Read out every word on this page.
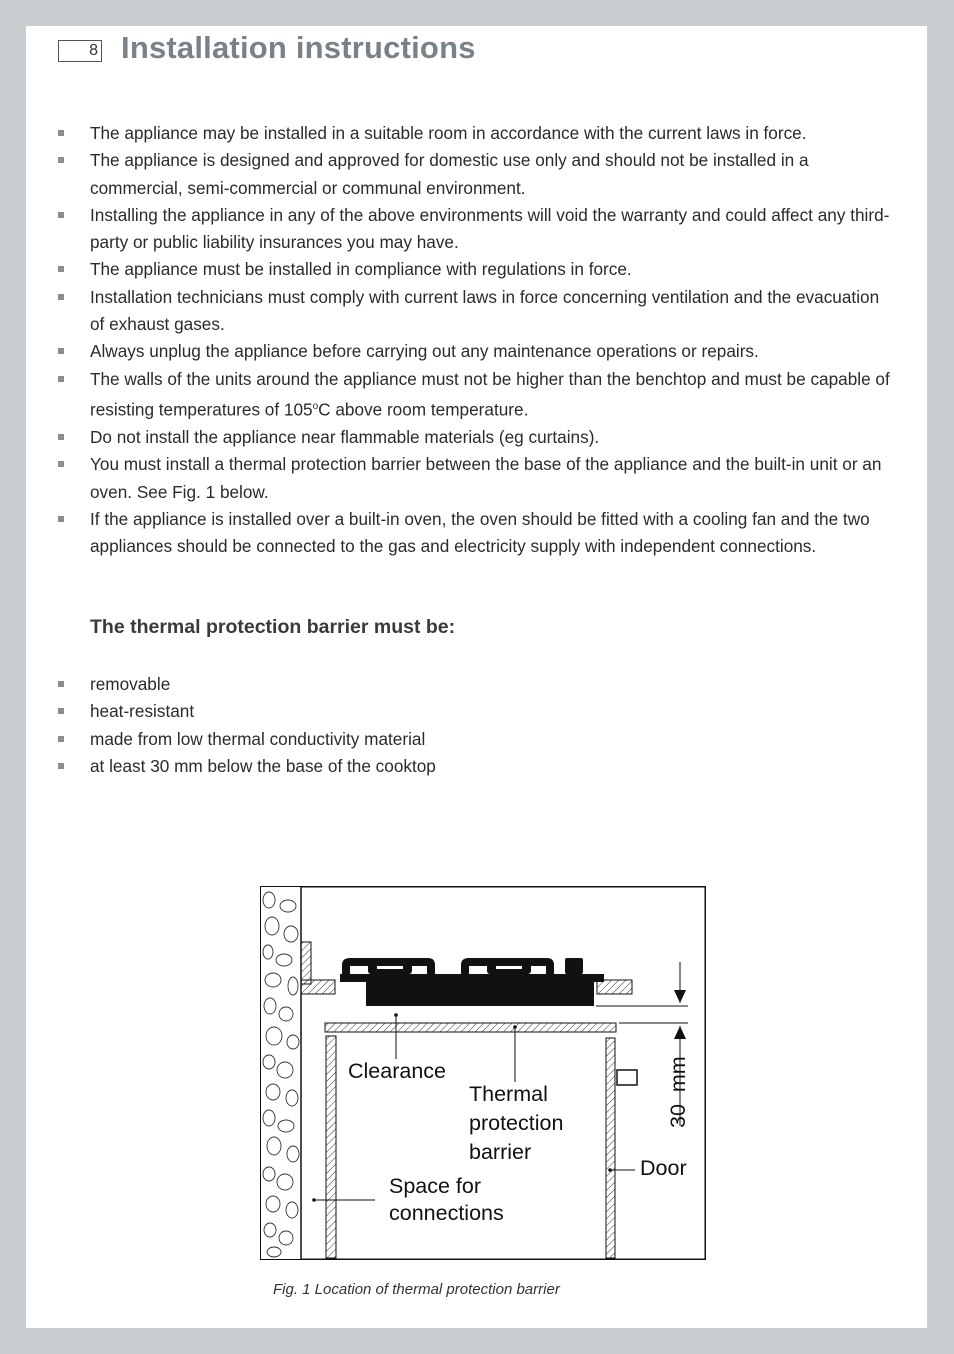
8 Installation instructions
The appliance may be installed in a suitable room in accordance with the current laws in force.
The appliance is designed and approved for domestic use only and should not be installed in a commercial, semi-commercial or communal environment.
Installing the appliance in any of the above environments will void the warranty and could affect any third-party or public liability insurances you may have.
The appliance must be installed in compliance with regulations in force.
Installation technicians must comply with current laws in force concerning ventilation and the evacuation of exhaust gases.
Always unplug the appliance before carrying out any maintenance operations or repairs.
The walls of the units around the appliance must not be higher than the benchtop and must be capable of resisting temperatures of 105$^o$C above room temperature.
Do not install the appliance near flammable materials (eg curtains).
You must install a thermal protection barrier between the base of the appliance and the built-in unit or an oven. See Fig. 1 below.
If the appliance is installed over a built-in oven, the oven should be fitted with a cooling fan and the two appliances should be connected to the gas and electricity supply with independent connections.
The thermal protection barrier must be:
removable
heat-resistant
made from low thermal conductivity material
at least 30 mm below the base of the cooktop
Clearance
Thermal
protection
barrier
Space for
connections
Door
30  mm
Fig. 1 Location of thermal protection barrier
